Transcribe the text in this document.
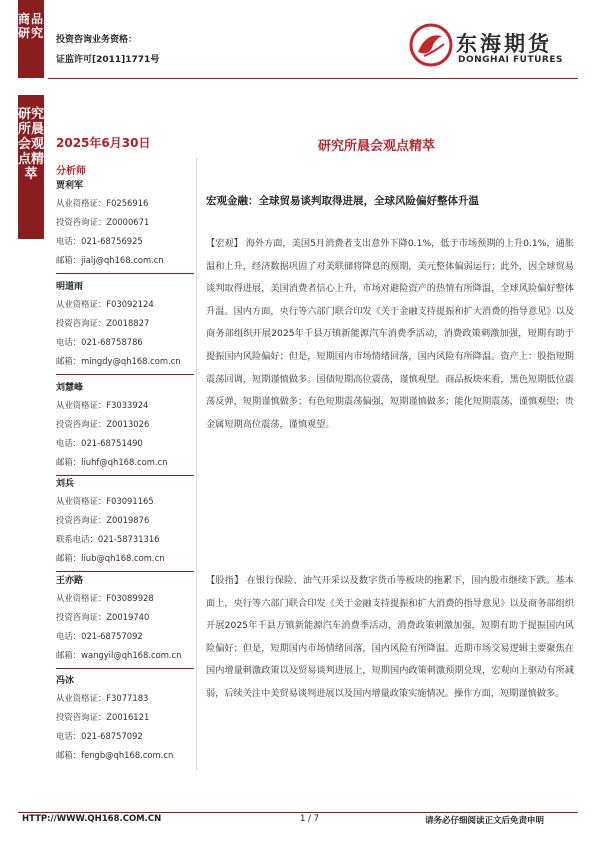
商品
研究
研究
所晨
会观
点精
萃
投资咨询业务资格：
证监许可[2011]1771号
东海期货
DONGHAI FUTURES
2025年6月30日	研究所晨会观点精萃
分析师
贾利军
从业资格证：F0256916
投资咨询证：Z0000671
电话：021-68756925
邮箱：jialj@qh168.com.cn
明道雨
从业资格证：F03092124
投资咨询证：Z0018827
电话：021-68758786
邮箱：mingdy@qh168.com.cn
刘慧峰
从业资格证：F3033924
投资咨询证：Z0013026
电话：021-68751490
邮箱：liuhf@qh168.com.cn
刘兵
从业资格证：F03091165
投资咨询证：Z0019876
联系电话：021-58731316
邮箱：liub@qh168.com.cn
王亦路
从业资格证：F03089928
投资咨询证：Z0019740
电话：021-68757092
邮箱：wangyil@qh168.com.cn
冯冰
从业资格证：F3077183
投资咨询证：Z0016121
电话：021-68757092
邮箱：fengb@qh168.com.cn
宏观金融：全球贸易谈判取得进展，全球风险偏好整体升温
【宏观】 海外方面，美国5月消费者支出意外下降0.1%，低于市场预期的上升0.1%，通胀温和上升，经济数据巩固了对美联储将降息的预期，美元整体偏弱运行；此外，因全球贸易谈判取得进展，美国消费者信心上升，市场对避险资产的热情有所降温，全球风险偏好整体升温。国内方面，央行等六部门联合印发《关于金融支持提振和扩大消费的指导意见》以及商务部组织开展2025年千县万镇新能源汽车消费季活动，消费政策刺激加强，短期有助于提振国内风险偏好；但是，短期国内市场情绪回落，国内风险有所降温。资产上：股指短期震荡回调，短期谨慎做多。国债短期高位震荡，谨慎观望。商品板块来看，黑色短期低位震荡反弹，短期谨慎做多；有色短期震荡偏强，短期谨慎做多；能化短期震荡，谨慎观望；贵金属短期高位震荡，谨慎观望。
【股指】 在银行保险、油气开采以及数字货币等板块的拖累下，国内股市继续下跌。基本面上，央行等六部门联合印发《关于金融支持提振和扩大消费的指导意见》以及商务部组织开展2025年千县万镇新能源汽车消费季活动，消费政策刺激加强，短期有助于提振国内风险偏好；但是，短期国内市场情绪回落，国内风险有所降温。近期市场交易逻辑主要聚焦在国内增量刺激政策以及贸易谈判进展上，短期国内政策刺激预期兑现，宏观向上驱动有所减弱，后续关注中美贸易谈判进展以及国内增量政策实施情况。操作方面，短期谨慎做多。
HTTP://WWW.QH168.COM.CN	1 / 7	请务必仔细阅读正文后免责申明
